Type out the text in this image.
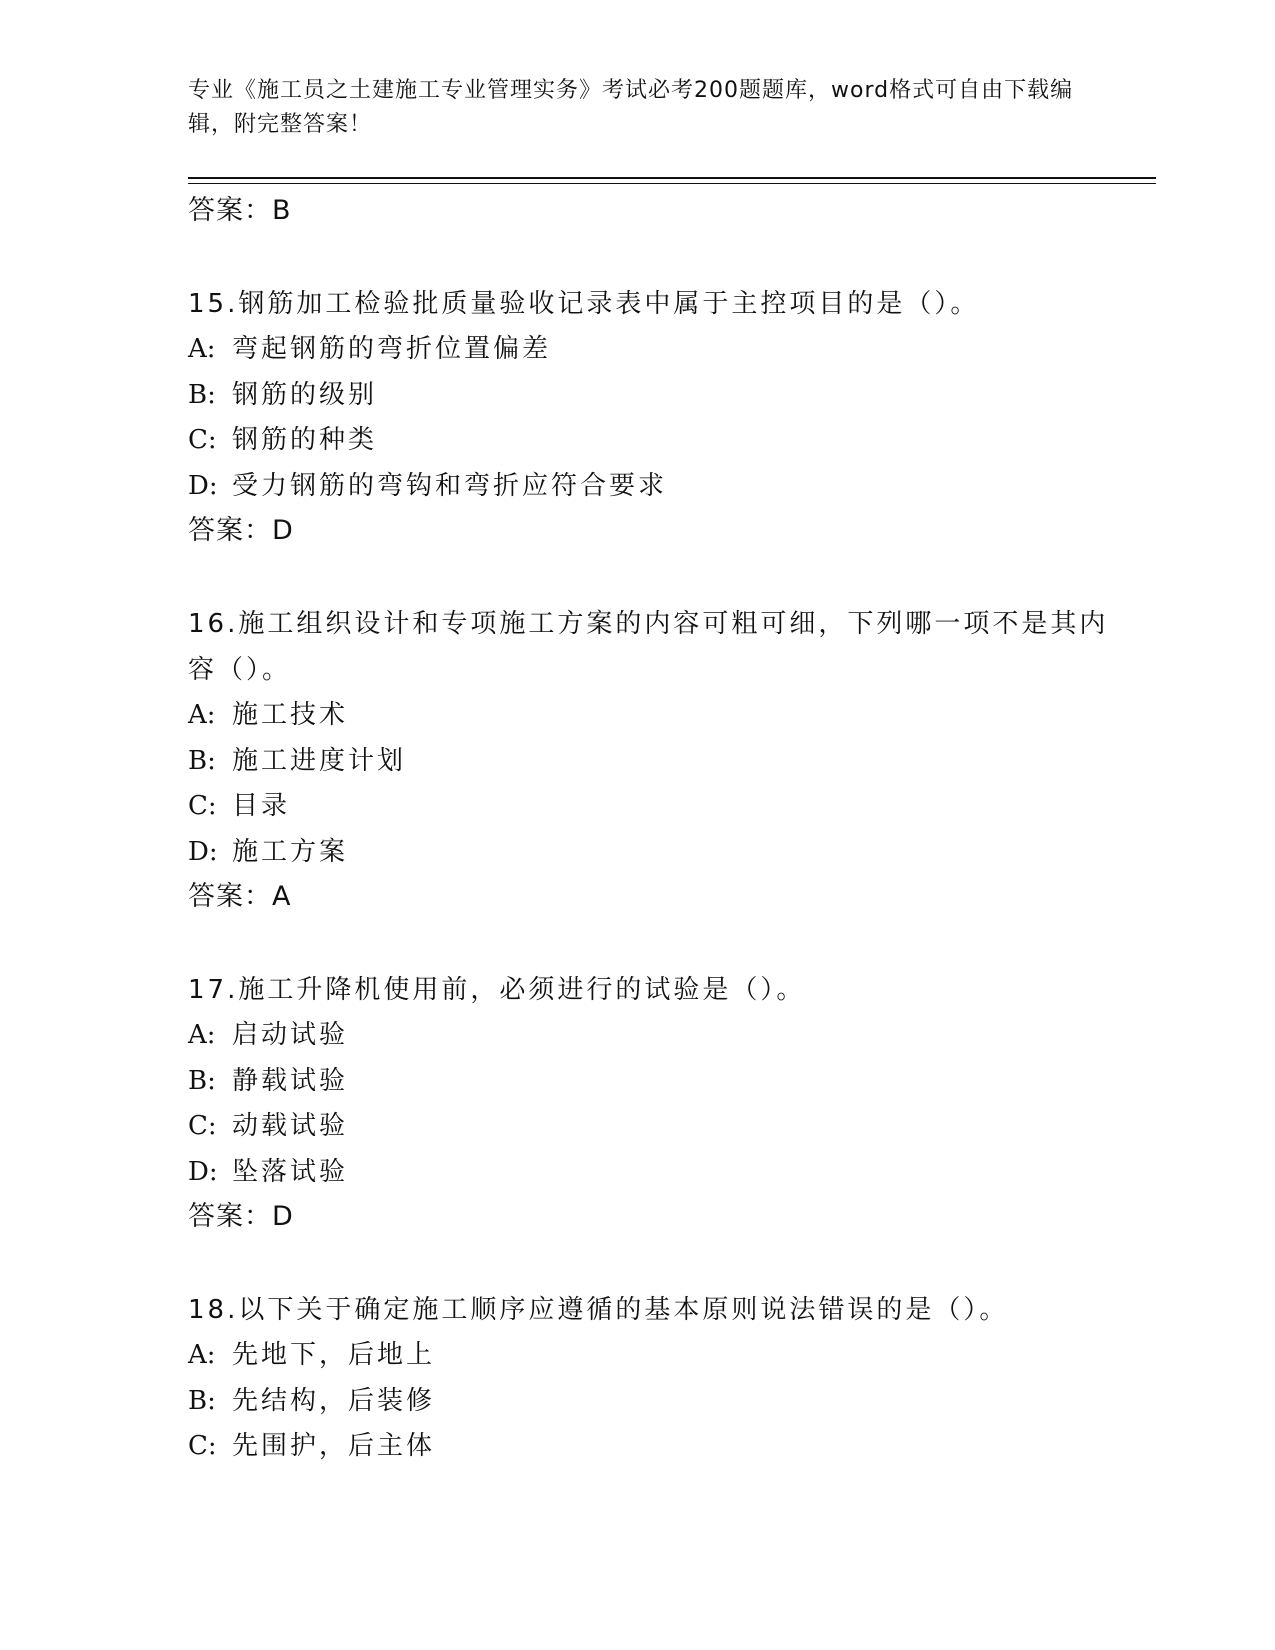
专业《施工员之土建施工专业管理实务》考试必考200题题库，word格式可自由下载编辑，附完整答案！
答案：B
15.钢筋加工检验批质量验收记录表中属于主控项目的是（）。
A: 弯起钢筋的弯折位置偏差
B: 钢筋的级别
C: 钢筋的种类
D: 受力钢筋的弯钩和弯折应符合要求
答案：D
16.施工组织设计和专项施工方案的内容可粗可细，下列哪一项不是其内容（）。
A: 施工技术
B: 施工进度计划
C: 目录
D: 施工方案
答案：A
17.施工升降机使用前，必须进行的试验是（）。
A: 启动试验
B: 静载试验
C: 动载试验
D: 坠落试验
答案：D
18.以下关于确定施工顺序应遵循的基本原则说法错误的是（）。
A: 先地下，后地上
B: 先结构，后装修
C: 先围护，后主体
